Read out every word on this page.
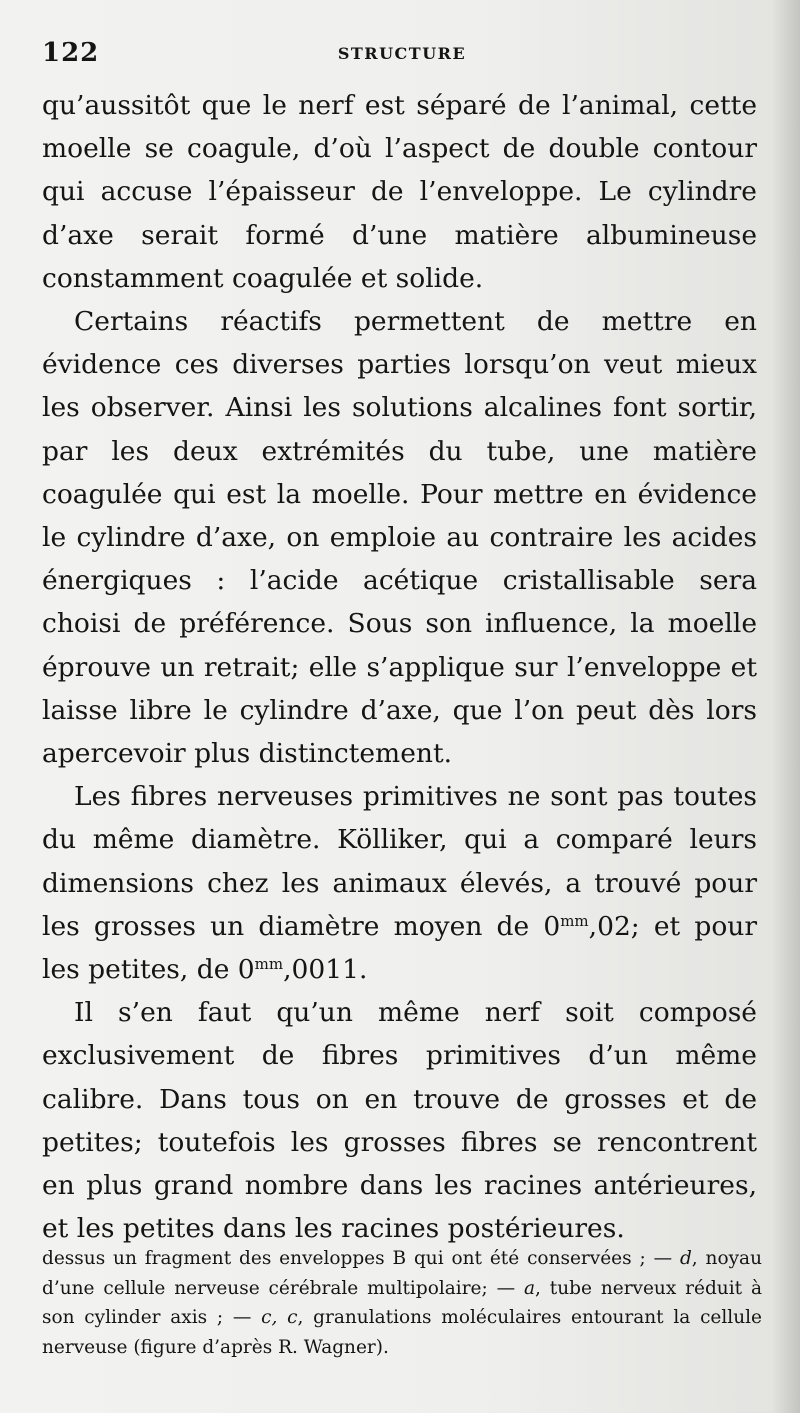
122	STRUCTURE

qu’aussitôt que le nerf est séparé de l’animal, cette moelle se coagule, d’où l’aspect de double contour qui accuse l’épaisseur de l’enveloppe. Le cylindre d’axe serait formé d’une matière albumineuse constamment coagulée et solide.

Certains réactifs permettent de mettre en évidence ces diverses parties lorsqu’on veut mieux les observer. Ainsi les solutions alcalines font sortir, par les deux extrémités du tube, une matière coagulée qui est la moelle. Pour mettre en évidence le cylindre d’axe, on emploie au contraire les acides énergiques : l’acide acétique cristallisable sera choisi de préférence. Sous son influence, la moelle éprouve un retrait; elle s’applique sur l’enveloppe et laisse libre le cylindre d’axe, que l’on peut dès lors apercevoir plus distinctement.

Les fibres nerveuses primitives ne sont pas toutes du même diamètre. Kölliker, qui a comparé leurs dimensions chez les animaux élevés, a trouvé pour les grosses un diamètre moyen de $0^{mm},02$; et pour les petites, de $0^{mm},0011$.

Il s’en faut qu’un même nerf soit composé exclusivement de fibres primitives d’un même calibre. Dans tous on en trouve de grosses et de petites; toutefois les grosses fibres se rencontrent en plus grand nombre dans les racines antérieures, et les petites dans les racines postérieures.

dessus un fragment des enveloppes B qui ont été conservées ; — d, noyau d’une cellule nerveuse cérébrale multipolaire; — a, tube nerveux réduit à son cylinder axis ; — c, c, granulations moléculaires entourant la cellule nerveuse (figure d’après R. Wagner).
